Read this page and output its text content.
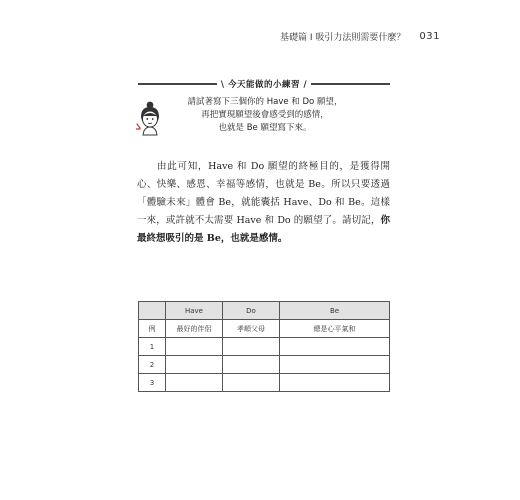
基礎篇 I 吸引力法則需要什麼？ 031
\ 今天能做的小練習 /
請試著寫下三個你的 Have 和 Do 願望，
再把實現願望後會感受到的感情，
也就是 Be 願望寫下來。

由此可知，Have 和 Do 願望的終極目的，是獲得開心、快樂、感恩、幸福等感情，也就是 Be。所以只要透過「體驗未來」體會 Be，就能囊括 Have、Do 和 Be。這樣一來，或許就不太需要 Have 和 Do 的願望了。請切記，你最終想吸引的是 Be，也就是感情。

	Have	Do	Be
例	最好的伴侶	孝順父母	總是心平氣和
1			
2			
3			
